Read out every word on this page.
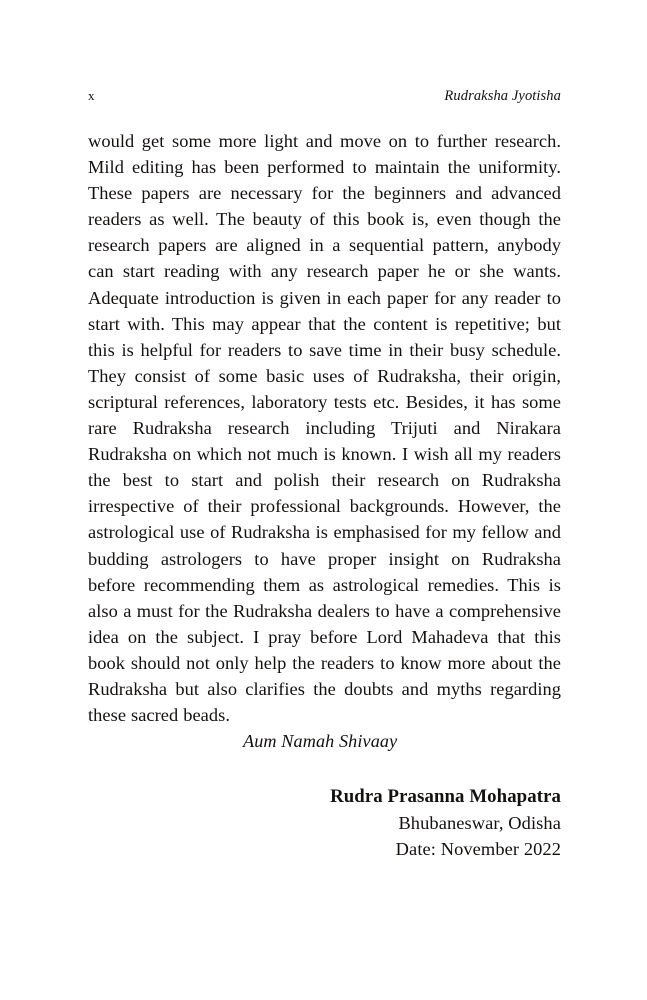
x	Rudraksha Jyotisha

would get some more light and move on to further research. Mild editing has been performed to maintain the uniformity. These papers are necessary for the beginners and advanced readers as well. The beauty of this book is, even though the research papers are aligned in a sequential pattern, anybody can start reading with any research paper he or she wants. Adequate introduction is given in each paper for any reader to start with. This may appear that the content is repetitive; but this is helpful for readers to save time in their busy schedule. They consist of some basic uses of Rudraksha, their origin, scriptural references, laboratory tests etc. Besides, it has some rare Rudraksha research including Trijuti and Nirakara Rudraksha on which not much is known. I wish all my readers the best to start and polish their research on Rudraksha irrespective of their professional backgrounds. However, the astrological use of Rudraksha is emphasised for my fellow and budding astrologers to have proper insight on Rudraksha before recommending them as astrological remedies. This is also a must for the Rudraksha dealers to have a comprehensive idea on the subject. I pray before Lord Mahadeva that this book should not only help the readers to know more about the Rudraksha but also clarifies the doubts and myths regarding these sacred beads.

Aum Namah Shivaay

Rudra Prasanna Mohapatra
Bhubaneswar, Odisha
Date: November 2022
